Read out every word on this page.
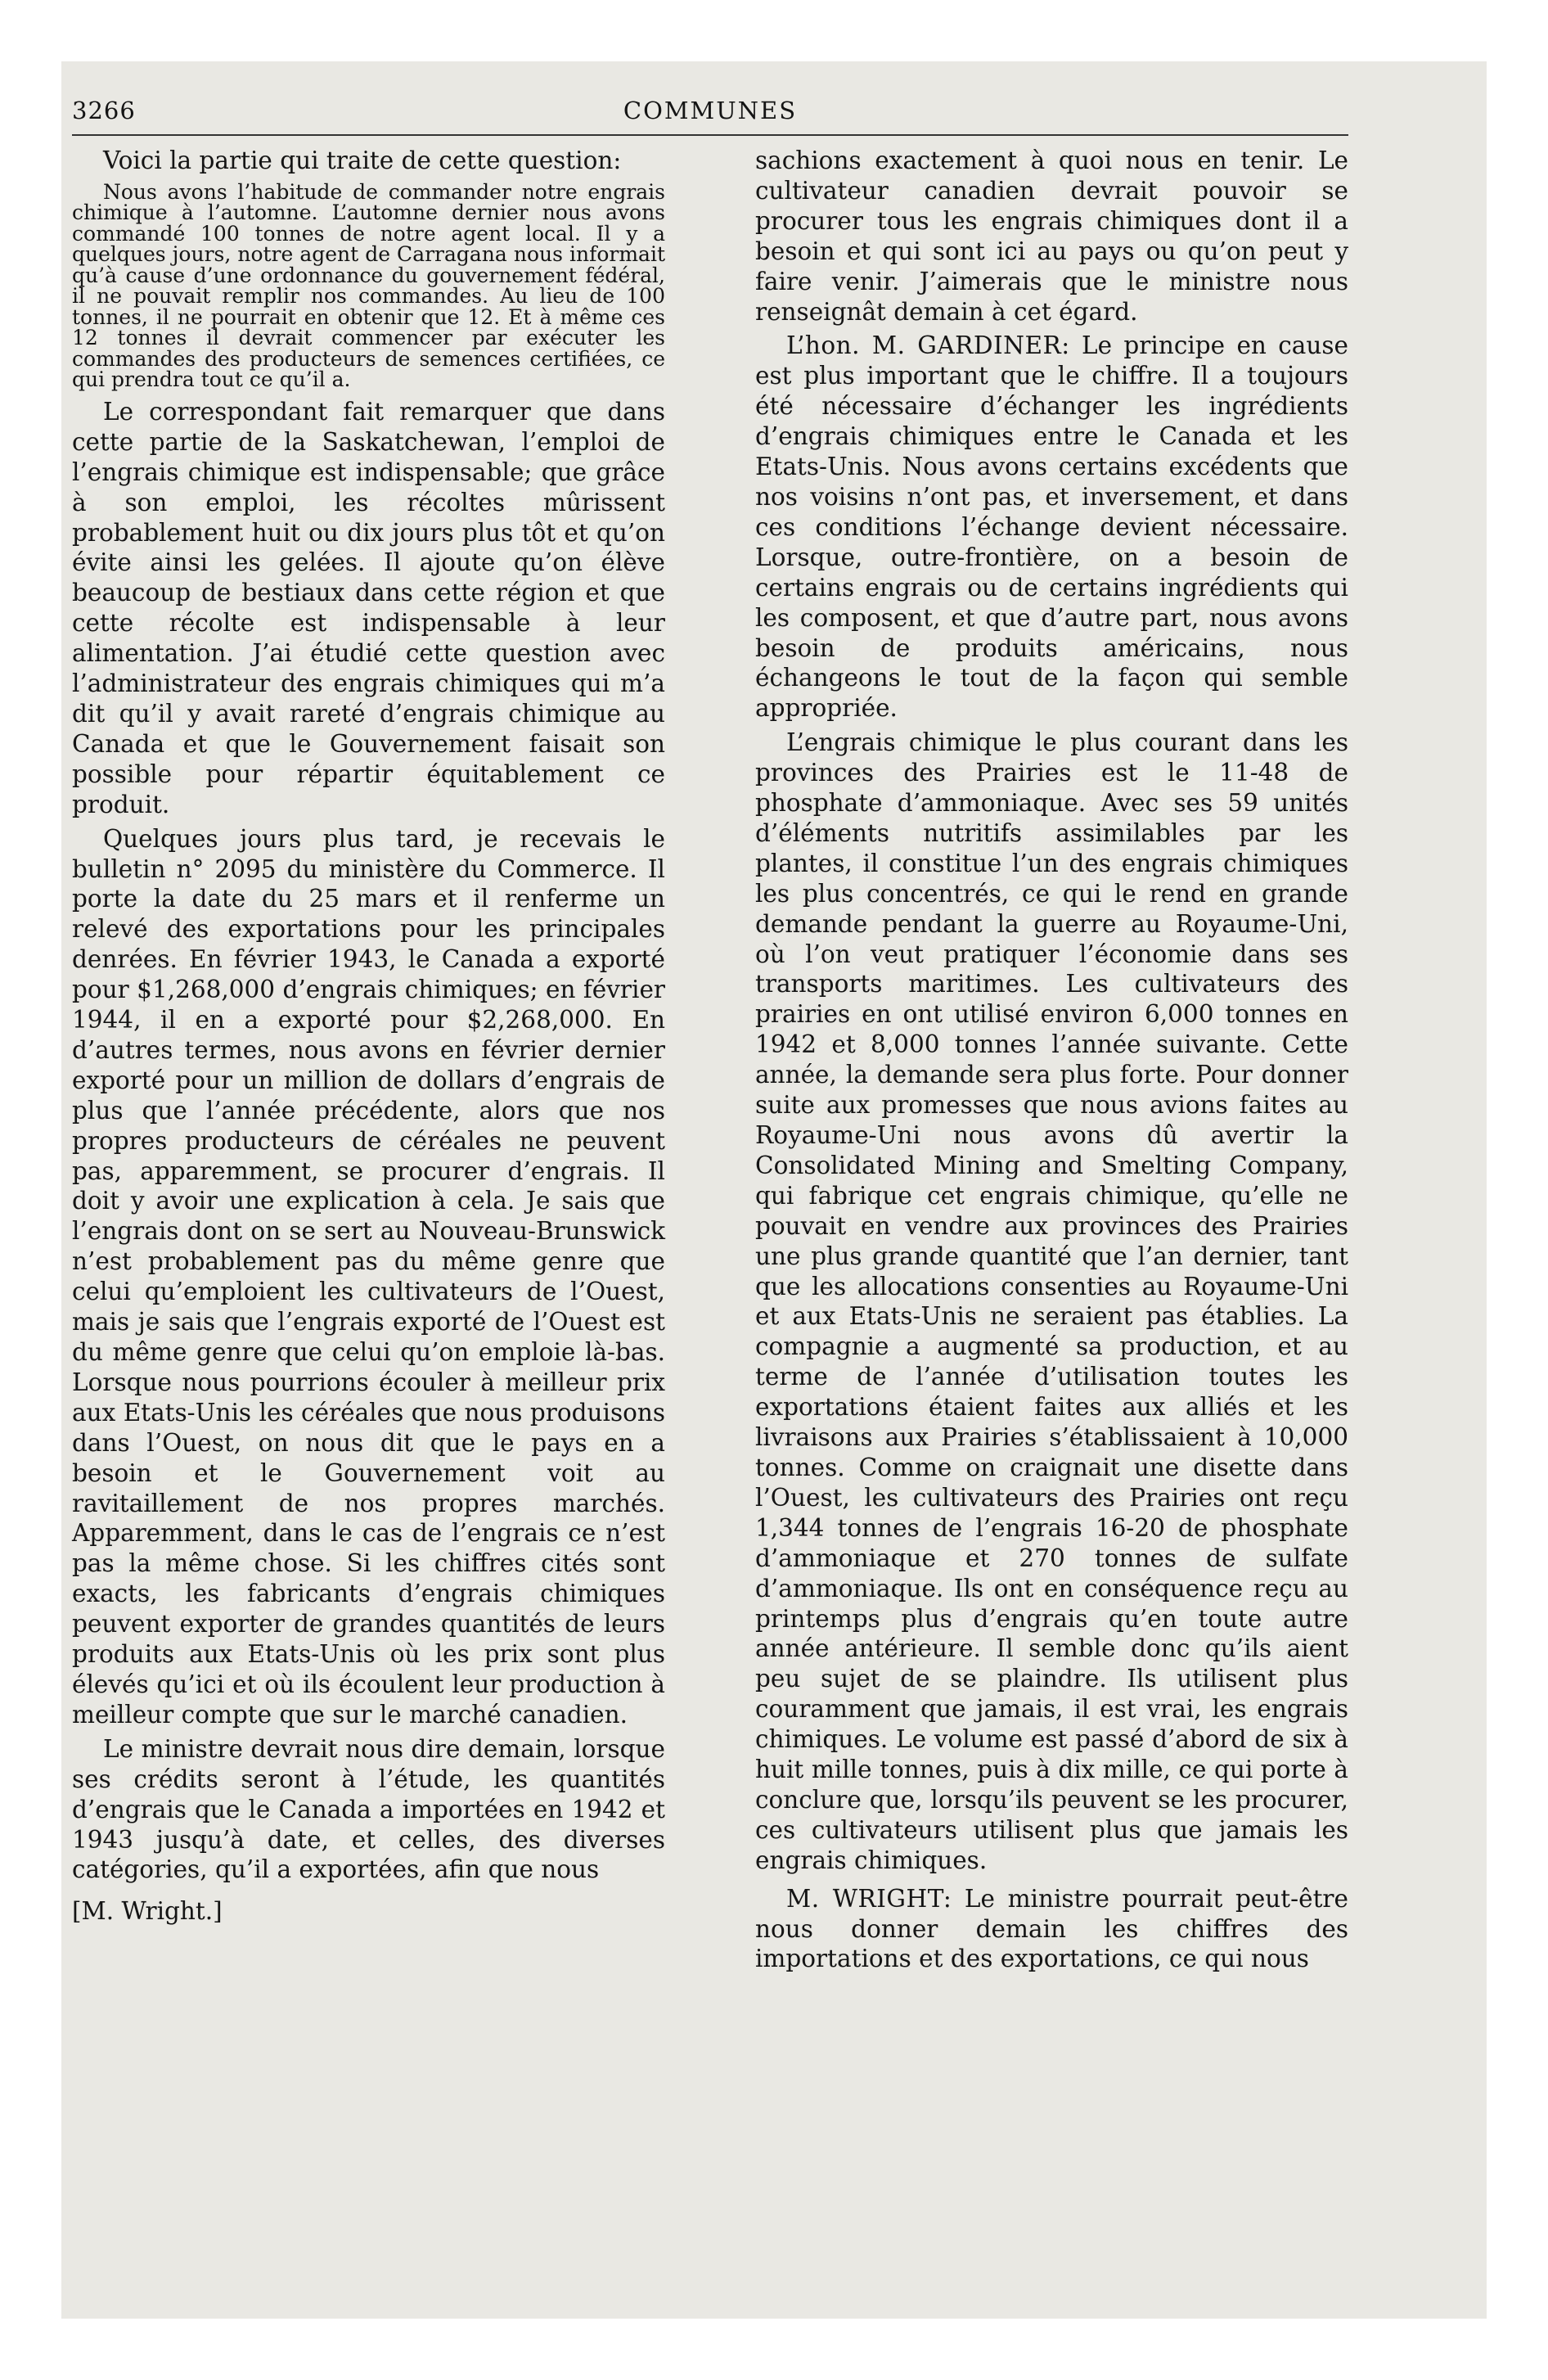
3266	COMMUNES

Voici la partie qui traite de cette question:

Nous avons l’habitude de commander notre engrais chimique à l’automne. L’automne dernier nous avons commandé 100 tonnes de notre agent local. Il y a quelques jours, notre agent de Carragana nous informait qu’à cause d’une ordonnance du gouvernement fédéral, il ne pouvait remplir nos commandes. Au lieu de 100 tonnes, il ne pourrait en obtenir que 12. Et à même ces 12 tonnes il devrait commencer par exécuter les commandes des producteurs de semences certifiées, ce qui prendra tout ce qu’il a.

Le correspondant fait remarquer que dans cette partie de la Saskatchewan, l’emploi de l’engrais chimique est indispensable; que grâce à son emploi, les récoltes mûrissent probablement huit ou dix jours plus tôt et qu’on évite ainsi les gelées. Il ajoute qu’on élève beaucoup de bestiaux dans cette région et que cette récolte est indispensable à leur alimentation. J’ai étudié cette question avec l’administrateur des engrais chimiques qui m’a dit qu’il y avait rareté d’engrais chimique au Canada et que le Gouvernement faisait son possible pour répartir équitablement ce produit.

Quelques jours plus tard, je recevais le bulletin n° 2095 du ministère du Commerce. Il porte la date du 25 mars et il renferme un relevé des exportations pour les principales denrées. En février 1943, le Canada a exporté pour $1,268,000 d’engrais chimiques; en février 1944, il en a exporté pour $2,268,000. En d’autres termes, nous avons en février dernier exporté pour un million de dollars d’engrais de plus que l’année précédente, alors que nos propres producteurs de céréales ne peuvent pas, apparemment, se procurer d’engrais. Il doit y avoir une explication à cela. Je sais que l’engrais dont on se sert au Nouveau-Brunswick n’est probablement pas du même genre que celui qu’emploient les cultivateurs de l’Ouest, mais je sais que l’engrais exporté de l’Ouest est du même genre que celui qu’on emploie là-bas. Lorsque nous pourrions écouler à meilleur prix aux Etats-Unis les céréales que nous produisons dans l’Ouest, on nous dit que le pays en a besoin et le Gouvernement voit au ravitaillement de nos propres marchés. Apparemment, dans le cas de l’engrais ce n’est pas la même chose. Si les chiffres cités sont exacts, les fabricants d’engrais chimiques peuvent exporter de grandes quantités de leurs produits aux Etats-Unis où les prix sont plus élevés qu’ici et où ils écoulent leur production à meilleur compte que sur le marché canadien.

Le ministre devrait nous dire demain, lorsque ses crédits seront à l’étude, les quantités d’engrais que le Canada a importées en 1942 et 1943 jusqu’à date, et celles, des diverses catégories, qu’il a exportées, afin que nous

[M. Wright.]

sachions exactement à quoi nous en tenir. Le cultivateur canadien devrait pouvoir se procurer tous les engrais chimiques dont il a besoin et qui sont ici au pays ou qu’on peut y faire venir. J’aimerais que le ministre nous renseignât demain à cet égard.

L’hon. M. GARDINER: Le principe en cause est plus important que le chiffre. Il a toujours été nécessaire d’échanger les ingrédients d’engrais chimiques entre le Canada et les Etats-Unis. Nous avons certains excédents que nos voisins n’ont pas, et inversement, et dans ces conditions l’échange devient nécessaire. Lorsque, outre-frontière, on a besoin de certains engrais ou de certains ingrédients qui les composent, et que d’autre part, nous avons besoin de produits américains, nous échangeons le tout de la façon qui semble appropriée.

L’engrais chimique le plus courant dans les provinces des Prairies est le 11-48 de phosphate d’ammoniaque. Avec ses 59 unités d’éléments nutritifs assimilables par les plantes, il constitue l’un des engrais chimiques les plus concentrés, ce qui le rend en grande demande pendant la guerre au Royaume-Uni, où l’on veut pratiquer l’économie dans ses transports maritimes. Les cultivateurs des prairies en ont utilisé environ 6,000 tonnes en 1942 et 8,000 tonnes l’année suivante. Cette année, la demande sera plus forte. Pour donner suite aux promesses que nous avions faites au Royaume-Uni nous avons dû avertir la Consolidated Mining and Smelting Company, qui fabrique cet engrais chimique, qu’elle ne pouvait en vendre aux provinces des Prairies une plus grande quantité que l’an dernier, tant que les allocations consenties au Royaume-Uni et aux Etats-Unis ne seraient pas établies. La compagnie a augmenté sa production, et au terme de l’année d’utilisation toutes les exportations étaient faites aux alliés et les livraisons aux Prairies s’établissaient à 10,000 tonnes. Comme on craignait une disette dans l’Ouest, les cultivateurs des Prairies ont reçu 1,344 tonnes de l’engrais 16-20 de phosphate d’ammoniaque et 270 tonnes de sulfate d’ammoniaque. Ils ont en conséquence reçu au printemps plus d’engrais qu’en toute autre année antérieure. Il semble donc qu’ils aient peu sujet de se plaindre. Ils utilisent plus couramment que jamais, il est vrai, les engrais chimiques. Le volume est passé d’abord de six à huit mille tonnes, puis à dix mille, ce qui porte à conclure que, lorsqu’ils peuvent se les procurer, ces cultivateurs utilisent plus que jamais les engrais chimiques.

M. WRIGHT: Le ministre pourrait peut-être nous donner demain les chiffres des importations et des exportations, ce qui nous
